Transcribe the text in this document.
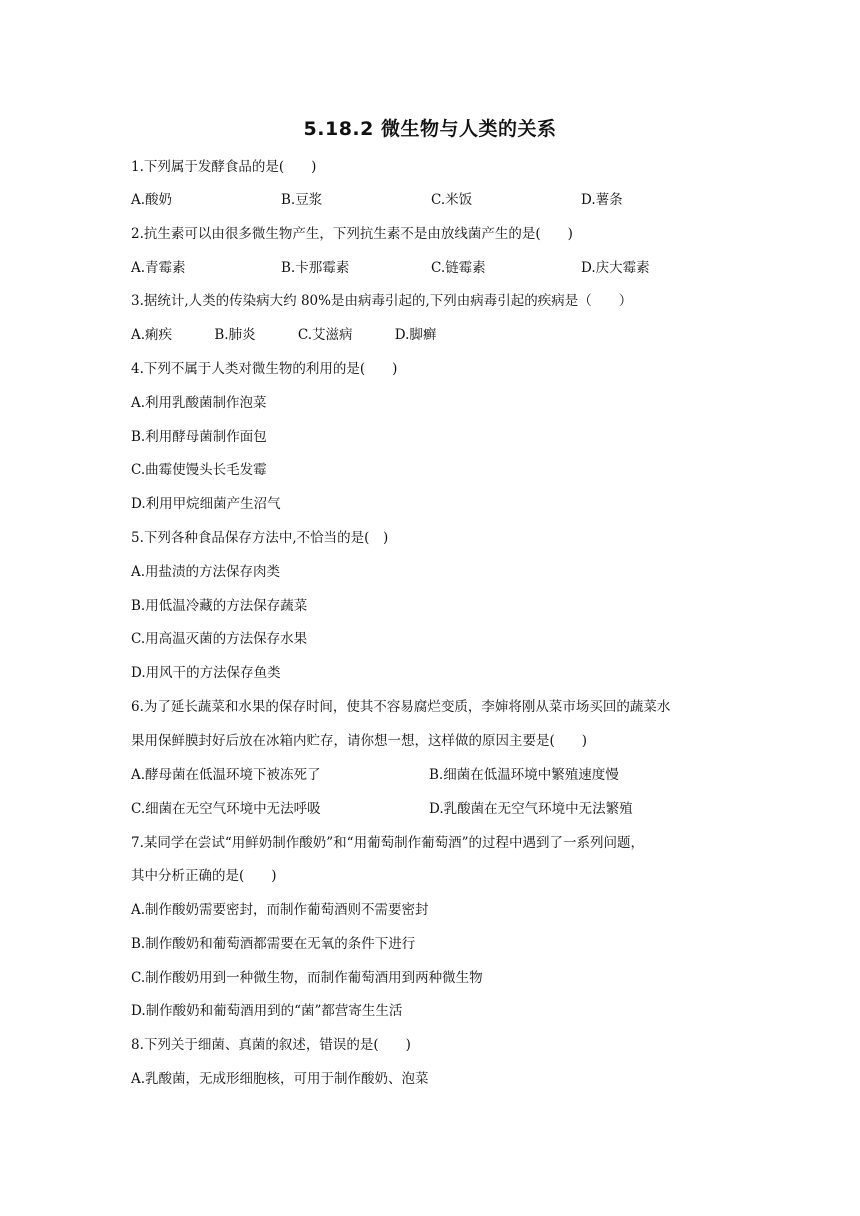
5.18.2 微生物与人类的关系
1.下列属于发酵食品的是(　　)
A.酸奶	B.豆浆	C.米饭	D.薯条
2.抗生素可以由很多微生物产生，下列抗生素不是由放线菌产生的是(　　)
A.青霉素	B.卡那霉素	C.链霉素	D.庆大霉素
3.据统计,人类的传染病大约 80%是由病毒引起的,下列由病毒引起的疾病是（　　）
A.痢疾	B.肺炎	C.艾滋病	D.脚癣
4.下列不属于人类对微生物的利用的是(　　)
A.利用乳酸菌制作泡菜
B.利用酵母菌制作面包
C.曲霉使馒头长毛发霉
D.利用甲烷细菌产生沼气
5.下列各种食品保存方法中,不恰当的是(　)
A.用盐渍的方法保存肉类
B.用低温冷藏的方法保存蔬菜
C.用高温灭菌的方法保存水果
D.用风干的方法保存鱼类
6.为了延长蔬菜和水果的保存时间，使其不容易腐烂变质，李婶将刚从菜市场买回的蔬菜水
果用保鲜膜封好后放在冰箱内贮存，请你想一想，这样做的原因主要是(　　)
A.酵母菌在低温环境下被冻死了	B.细菌在低温环境中繁殖速度慢
C.细菌在无空气环境中无法呼吸	D.乳酸菌在无空气环境中无法繁殖
7.某同学在尝试“用鲜奶制作酸奶”和“用葡萄制作葡萄酒”的过程中遇到了一系列问题，
其中分析正确的是(　　)
A.制作酸奶需要密封，而制作葡萄酒则不需要密封
B.制作酸奶和葡萄酒都需要在无氧的条件下进行
C.制作酸奶用到一种微生物，而制作葡萄酒用到两种微生物
D.制作酸奶和葡萄酒用到的“菌”都营寄生生活
8.下列关于细菌、真菌的叙述，错误的是(　　)
A.乳酸菌，无成形细胞核，可用于制作酸奶、泡菜
